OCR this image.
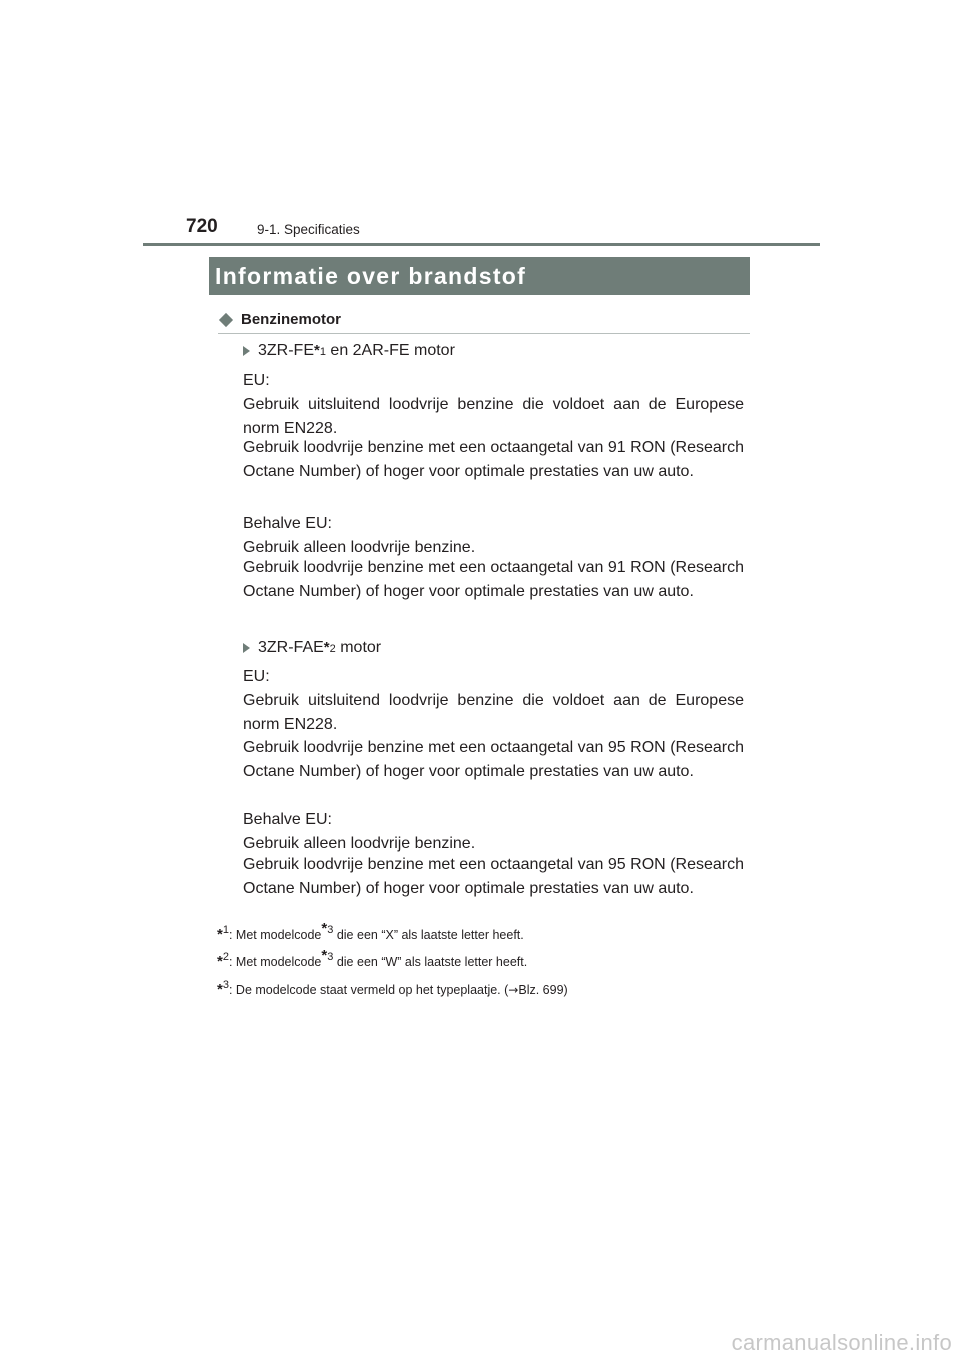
720	9-1. Specificaties
Informatie over brandstof
Benzinemotor
3ZR-FE *1 en 2AR-FE motor

EU:
Gebruik uitsluitend loodvrije benzine die voldoet aan de Europese norm EN228.

Gebruik loodvrije benzine met een octaangetal van 91 RON (Research Octane Number) of hoger voor optimale prestaties van uw auto.

Behalve EU:
Gebruik alleen loodvrije benzine.

Gebruik loodvrije benzine met een octaangetal van 91 RON (Research Octane Number) of hoger voor optimale prestaties van uw auto.

3ZR-FAE *2 motor

EU:
Gebruik uitsluitend loodvrije benzine die voldoet aan de Europese norm EN228.

Gebruik loodvrije benzine met een octaangetal van 95 RON (Research Octane Number) of hoger voor optimale prestaties van uw auto.

Behalve EU:
Gebruik alleen loodvrije benzine.

Gebruik loodvrije benzine met een octaangetal van 95 RON (Research Octane Number) of hoger voor optimale prestaties van uw auto.

*$^1$: Met modelcode$^{*3}$ die een “X” als laatste letter heeft.
*$^2$: Met modelcode$^{*3}$ die een “W” als laatste letter heeft.
*$^3$: De modelcode staat vermeld op het typeplaatje. (→Blz. 699)
carmanualsonline.info
